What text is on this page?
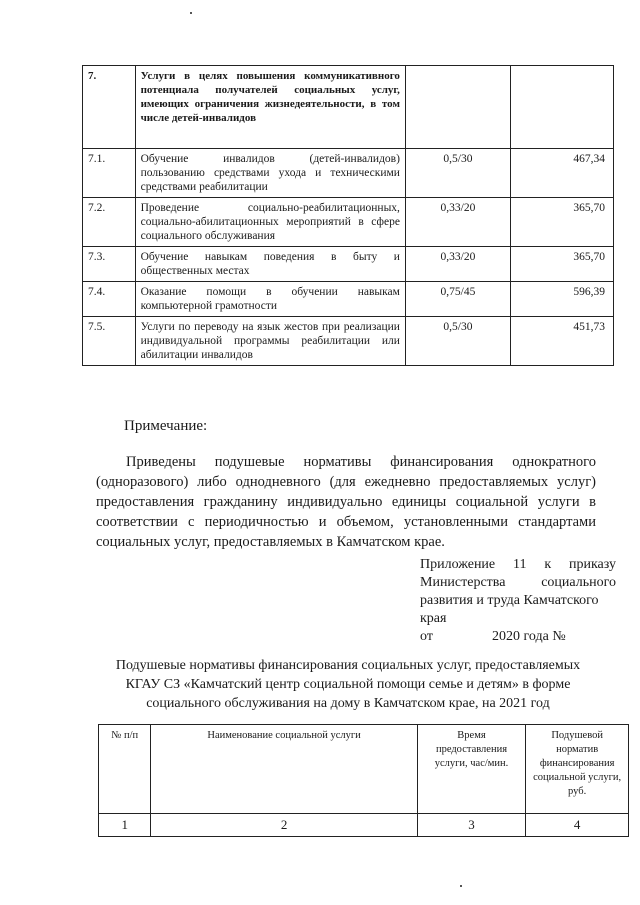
7.	Услуги в целях повышения коммуникативного потенциала получателей социальных услуг, имеющих ограничения жизнедеятельности, в том числе детей-инвалидов		
7.1.	Обучение инвалидов (детей-инвалидов) пользованию средствами ухода и техническими средствами реабилитации	0,5/30	467,34
7.2.	Проведение социально-реабилитационных, социально-абилитационных мероприятий в сфере социального обслуживания	0,33/20	365,70
7.3.	Обучение навыкам поведения в быту и общественных местах	0,33/20	365,70
7.4.	Оказание помощи в обучении навыкам компьютерной грамотности	0,75/45	596,39
7.5.	Услуги по переводу на язык жестов при реализации индивидуальной программы реабилитации или абилитации инвалидов	0,5/30	451,73
Примечание:
Приведены подушевые нормативы финансирования однократного (одноразового) либо однодневного (для ежедневно предоставляемых услуг) предоставления гражданину индивидуально единицы социальной услуги в соответствии с периодичностью и объемом, установленными стандартами социальных услуг, предоставляемых в Камчатском крае.
Приложение 11 к приказу
Министерства социального
развития и труда Камчатского
края
от	2020 года №
Подушевые нормативы финансирования социальных услуг, предоставляемых
КГАУ СЗ «Камчатский центр социальной помощи семье и детям» в форме
социального обслуживания на дому в Камчатском крае, на 2021 год
№ п/п	Наименование социальной услуги	Время предоставления услуги, час/мин.	Подушевой норматив финансирования социальной услуги, руб.
1	2	3	4
